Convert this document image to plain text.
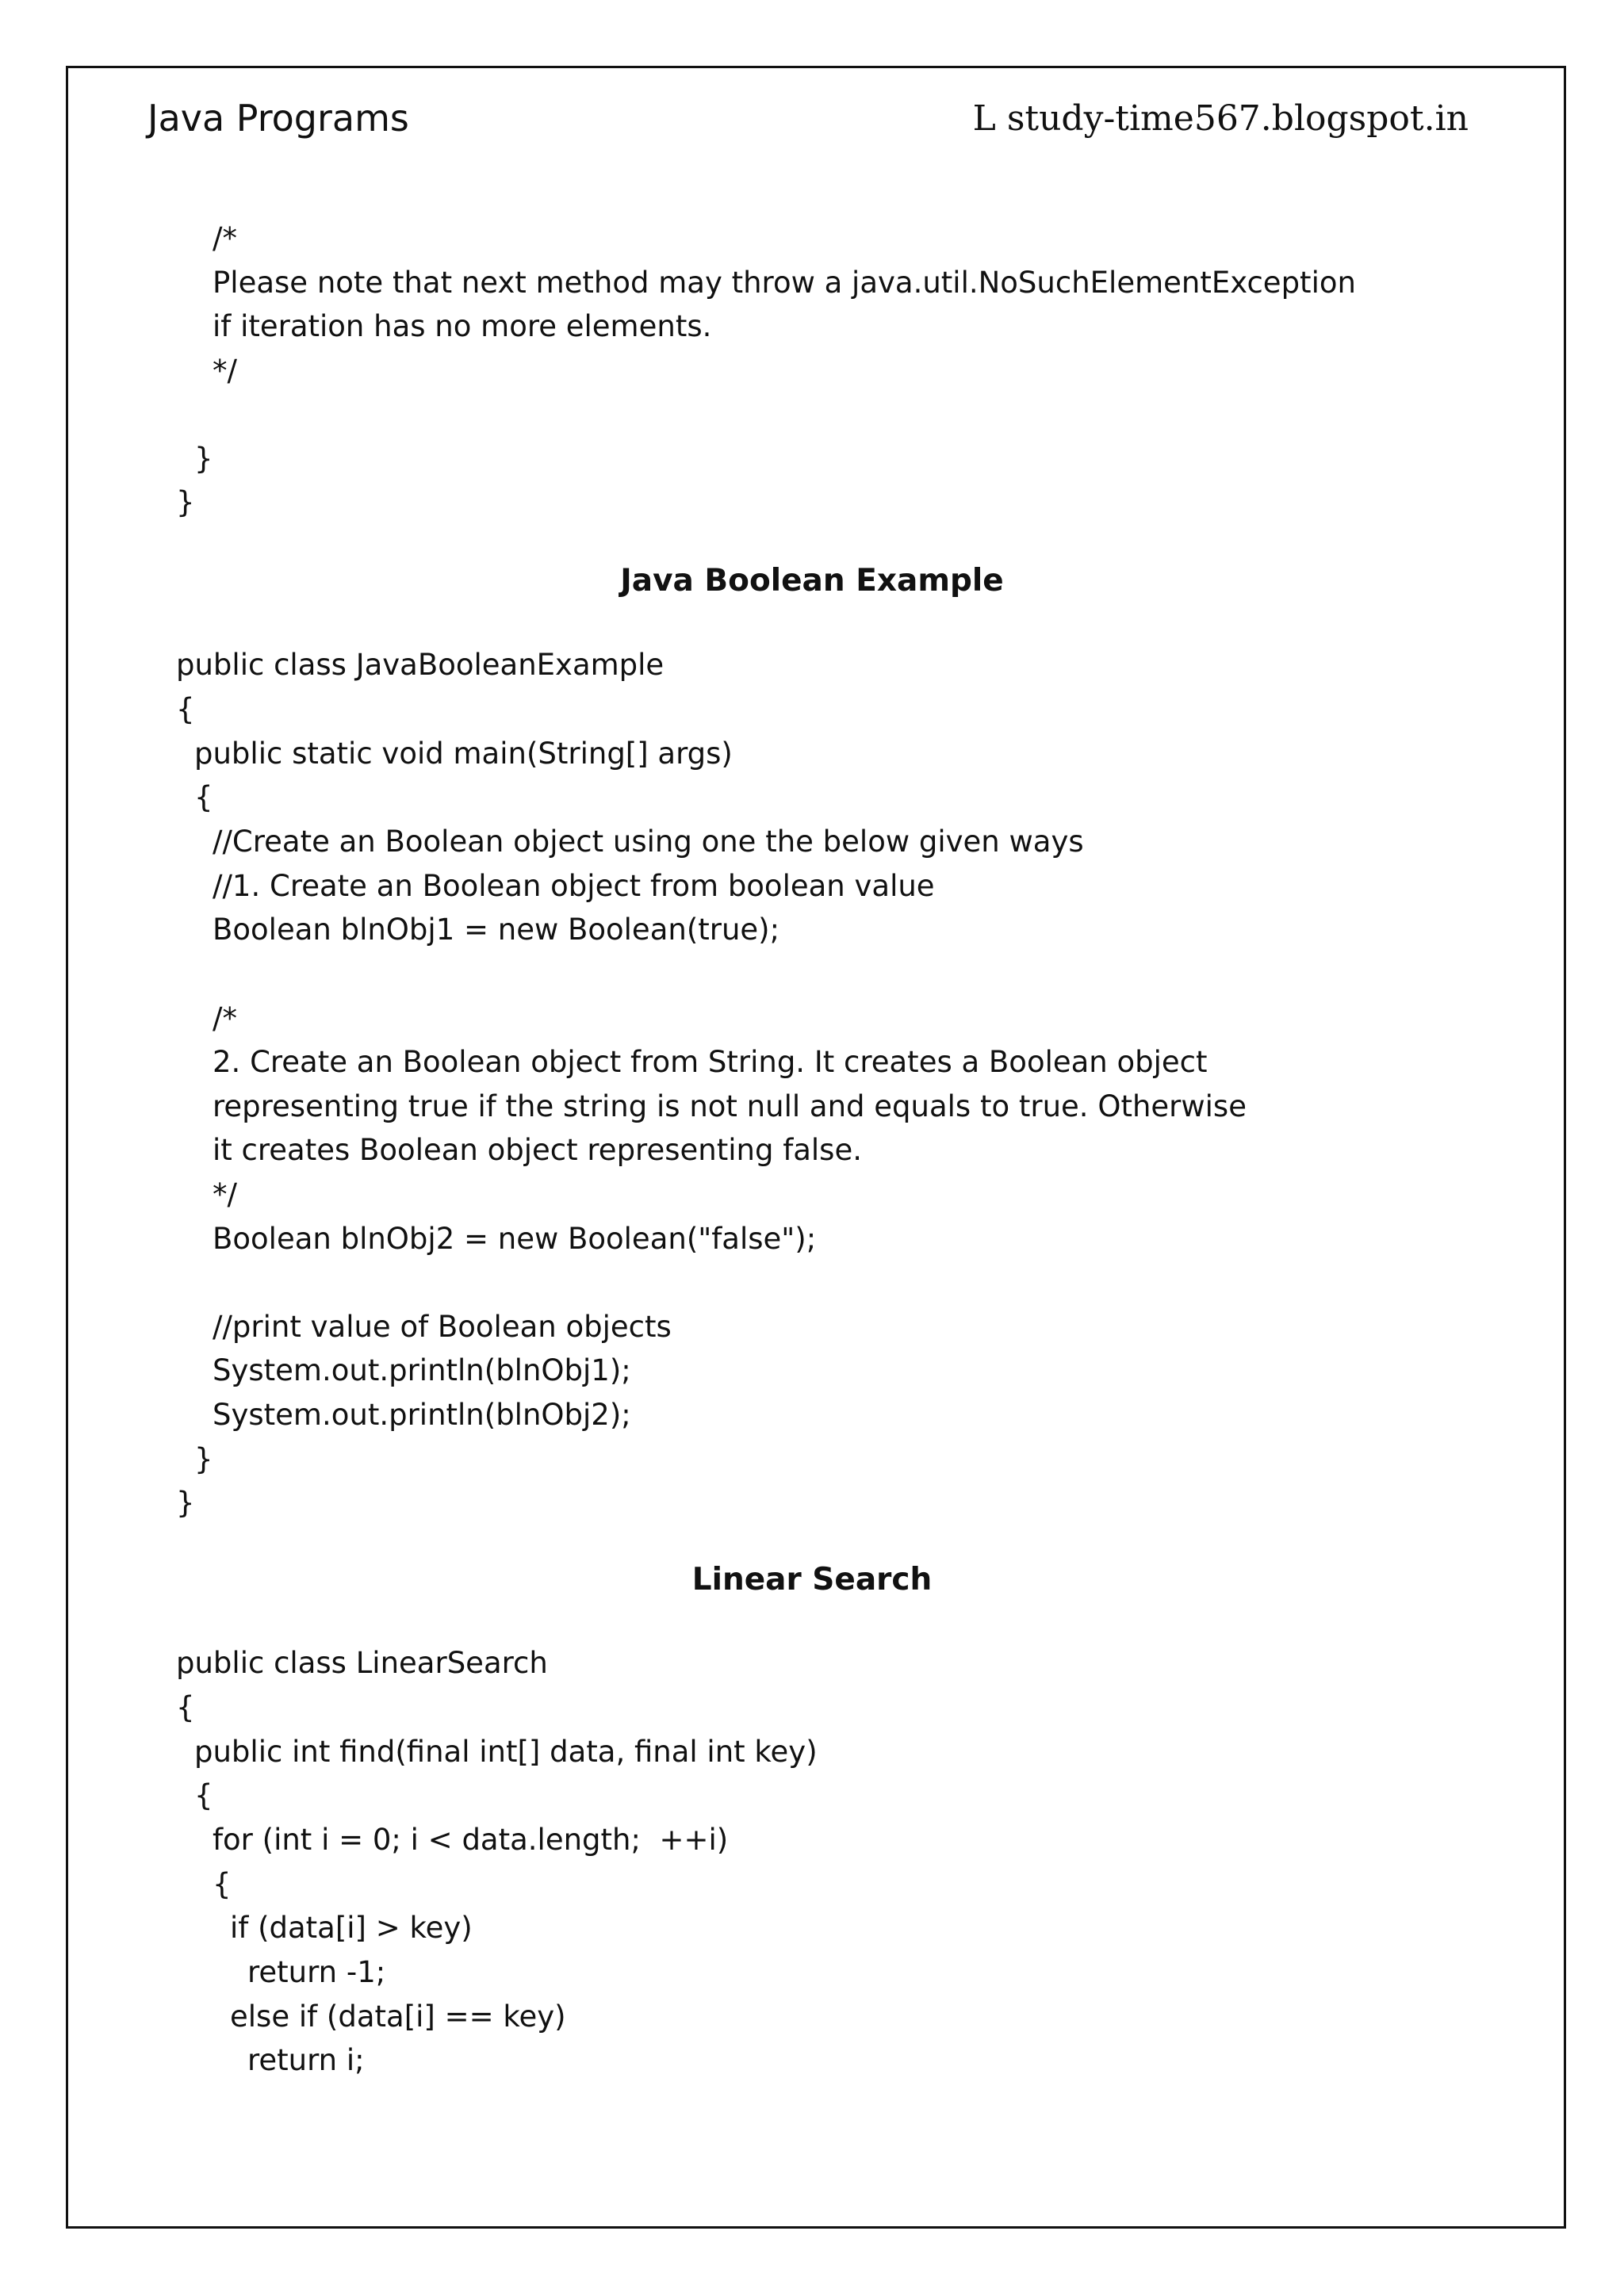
Java Programs	L study-time567.blogspot.in
/*
Please note that next method may throw a java.util.NoSuchElementException
if iteration has no more elements.
*/
}
}
Java Boolean Example
public class JavaBooleanExample
{
public static void main(String[] args)
{
//Create an Boolean object using one the below given ways
//1. Create an Boolean object from boolean value
Boolean blnObj1 = new Boolean(true);
/*
2. Create an Boolean object from String. It creates a Boolean object
representing true if the string is not null and equals to true. Otherwise
it creates Boolean object representing false.
*/
Boolean blnObj2 = new Boolean("false");
//print value of Boolean objects
System.out.println(blnObj1);
System.out.println(blnObj2);
}
}
Linear Search
public class LinearSearch
{
public int find(final int[] data, final int key)
{
for (int i = 0; i < data.length;  ++i)
{
if (data[i] > key)
return -1;
else if (data[i] == key)
return i;
